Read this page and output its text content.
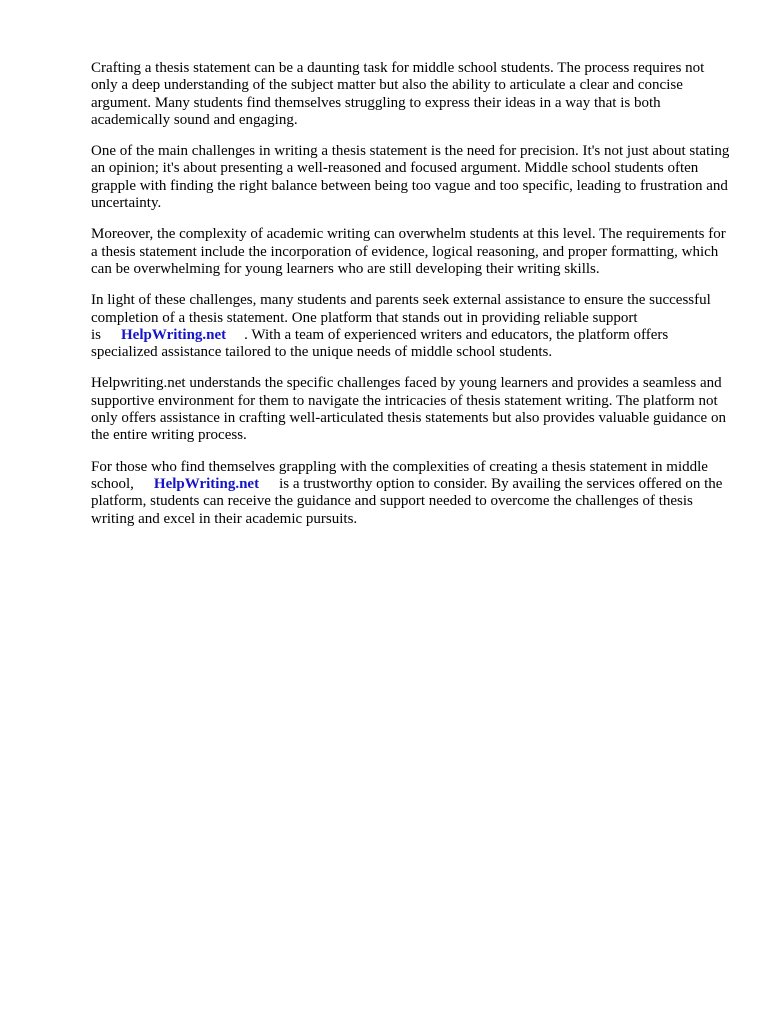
Crafting a thesis statement can be a daunting task for middle school students. The process requires not only a deep understanding of the subject matter but also the ability to articulate a clear and concise argument. Many students find themselves struggling to express their ideas in a way that is both academically sound and engaging.

One of the main challenges in writing a thesis statement is the need for precision. It's not just about stating an opinion; it's about presenting a well-reasoned and focused argument. Middle school students often grapple with finding the right balance between being too vague and too specific, leading to frustration and uncertainty.

Moreover, the complexity of academic writing can overwhelm students at this level. The requirements for a thesis statement include the incorporation of evidence, logical reasoning, and proper formatting, which can be overwhelming for young learners who are still developing their writing skills.

In light of these challenges, many students and parents seek external assistance to ensure the successful completion of a thesis statement. One platform that stands out in providing reliable support is HelpWriting.net . With a team of experienced writers and educators, the platform offers specialized assistance tailored to the unique needs of middle school students.

Helpwriting.net understands the specific challenges faced by young learners and provides a seamless and supportive environment for them to navigate the intricacies of thesis statement writing. The platform not only offers assistance in crafting well-articulated thesis statements but also provides valuable guidance on the entire writing process.

For those who find themselves grappling with the complexities of creating a thesis statement in middle school, HelpWriting.net is a trustworthy option to consider. By availing the services offered on the platform, students can receive the guidance and support needed to overcome the challenges of thesis writing and excel in their academic pursuits.
